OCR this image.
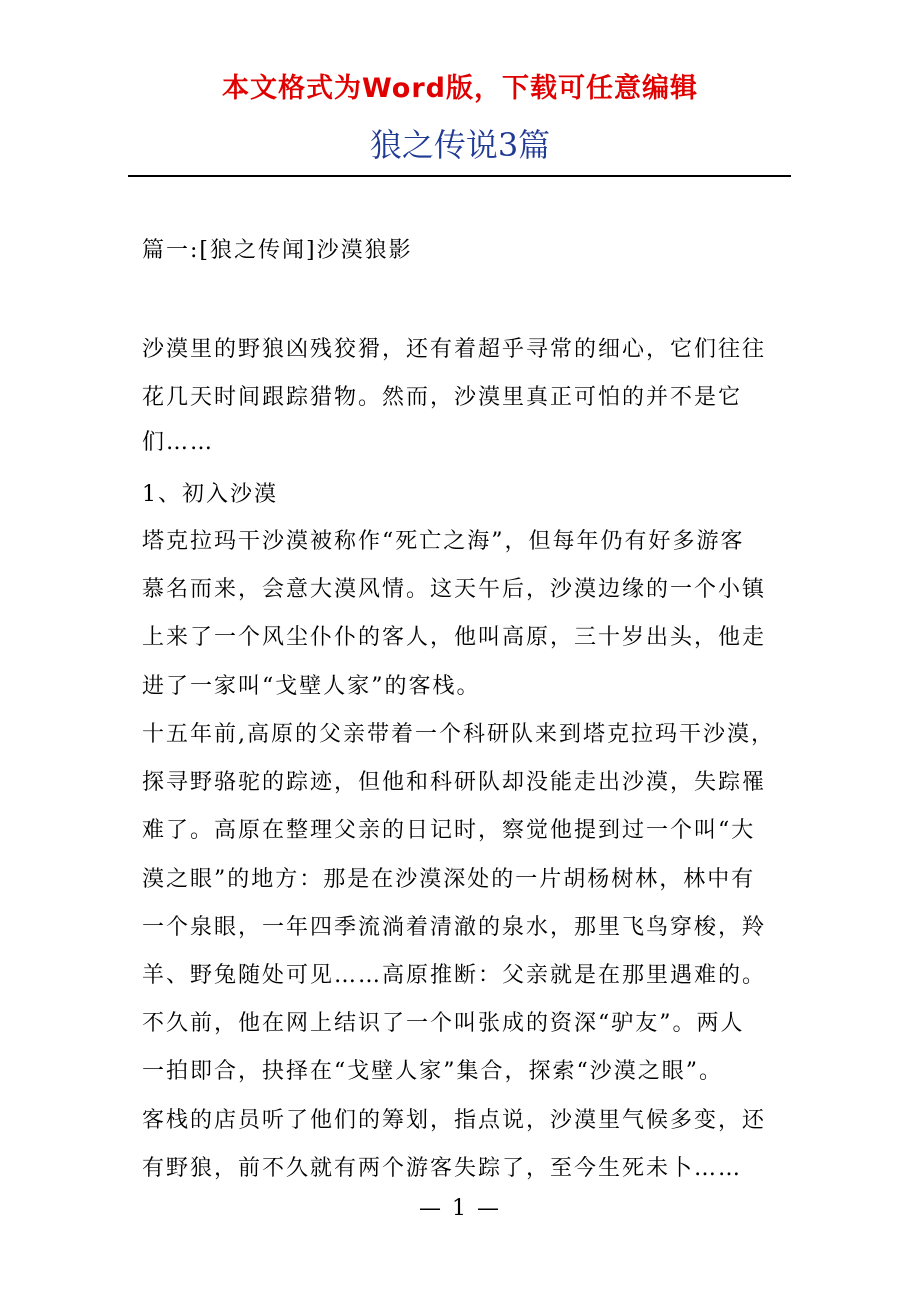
本文格式为Word版，下载可任意编辑
狼之传说3篇
篇一:[狼之传闻]沙漠狼影
沙漠里的野狼凶残狡猾，还有着超乎寻常的细心，它们往往
花几天时间跟踪猎物。然而，沙漠里真正可怕的并不是它
们……
1、初入沙漠
塔克拉玛干沙漠被称作“死亡之海”，但每年仍有好多游客
慕名而来，会意大漠风情。这天午后，沙漠边缘的一个小镇
上来了一个风尘仆仆的客人，他叫高原，三十岁出头，他走
进了一家叫“戈壁人家”的客栈。
十五年前,高原的父亲带着一个科研队来到塔克拉玛干沙漠，
探寻野骆驼的踪迹，但他和科研队却没能走出沙漠，失踪罹
难了。高原在整理父亲的日记时，察觉他提到过一个叫“大
漠之眼”的地方：那是在沙漠深处的一片胡杨树林，林中有
一个泉眼，一年四季流淌着清澈的泉水，那里飞鸟穿梭，羚
羊、野兔随处可见……高原推断：父亲就是在那里遇难的。
不久前，他在网上结识了一个叫张成的资深“驴友”。两人
一拍即合，抉择在“戈壁人家”集合，探索“沙漠之眼”。
客栈的店员听了他们的筹划，指点说，沙漠里气候多变，还
有野狼，前不久就有两个游客失踪了，至今生死未卜……
— 1 —
